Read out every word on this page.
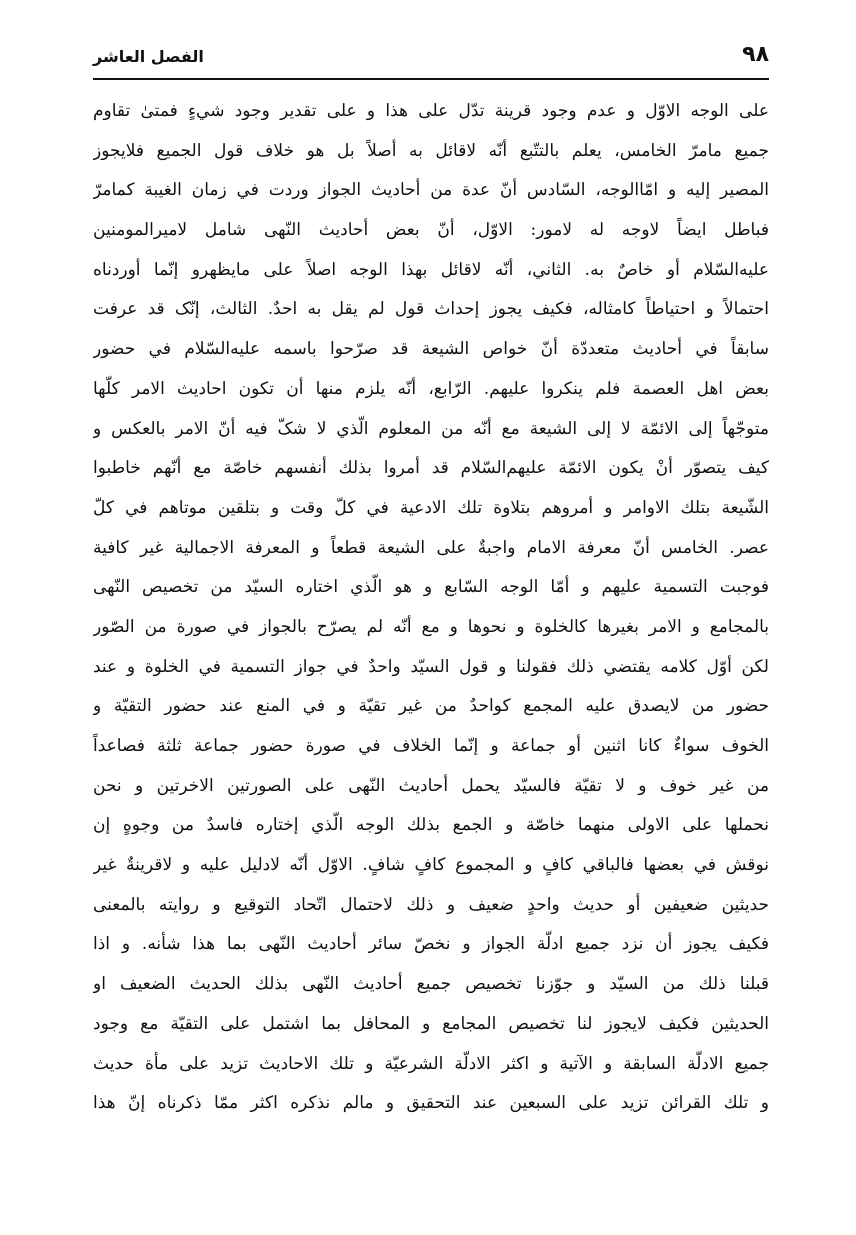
٩٨
الفصل العاشر
على الوجه الاوّل و عدم وجود قرينة تدّل على هذا و على تقدير وجود شيءٍ فمتیٰ تقاوم
جميع مامرّ الخامس، يعلم بالتتّبع أنّه لاقائل به أصلاً بل هو خلاف قول الجميع فلايجوز
المصير إليه و امّاالوجه، السّادس أنّ عدة من أحاديث الجواز وردت في زمان الغيبة كمامرّ
فباطل ايضاً لاوجه له لامور: الاوّل، أنّ بعض أحاديث النّهی شامل لاميرالمومنين
عليه‌السّلام أو خاصٌ به. الثاني، أنّه لاقائل بهذا الوجه اصلاً على مايظهرو إنّما أوردناه
احتمالاً و احتياطاً كامثاله، فكيف يجوز إحداث قول لم يقل به احدٌ. الثالث، إنّک قد عرفت
سابقاً في أحاديث متعددّة أنّ خواص الشيعة قد صرّحوا باسمه عليه‌السّلام في حضور
بعض اهل العصمة فلم ينكروا عليهم. الرّابع، أنّه يلزم منها أن تكون احاديث الامر كلّها
متوجّهاً إلى الائمّة لا إلى الشيعة مع أنّه من المعلوم الّذي لا شکّ فيه أنّ الامر بالعكس و
كيف يتصوّر أنْ يكون الائمّة عليهم‌السّلام قد أمروا بذلك أنفسهم خاصّة مع أنّهم خاطبوا
الشّيعة بتلك الاوامر و أمروهم بتلاوة تلك الادعية في كلّ وقت و بتلقين موتاهم في كلّ
عصر. الخامس أنّ معرفة الامام واجبةٌ على الشيعة قطعاً و المعرفة الاجمالية غير كافية
فوجبت التسمية عليهم و أمّا الوجه السّابع و هو الّذي اختاره السيّد من تخصيص النّهی
بالمجامع و الامر بغيرها كالخلوة و نحوها و مع أنّه لم يصرّح بالجواز في صورة من الصّور
لكن أوّل كلامه يقتضي ذلك فقولنا و قول السيّد واحدٌ في جواز التسمية في الخلوة و عند
حضور من لايصدق عليه المجمع كواحدٌ من غير تقيّة و في المنع عند حضور التقيّة و
الخوف سواءٌ كانا اثنين أو جماعة و إنّما الخلاف في صورة حضور جماعة ثلثة فصاعداً
من غير خوف و لا تقيّة فالسيّد يحمل أحاديث النّهی على الصورتين الاخرتين و نحن
نحملها على الاولى منهما خاصّة و الجمع بذلك الوجه الّذي إختاره فاسدٌ من وجوهٍ إن
نوقش في بعضها فالباقي كافٍ و المجموع كافٍ شافٍ. الاوّل أنّه لادليل عليه و لاقرينةٌ غير
حديثين ضعيفين أو حديث واحدٍ ضعيف و ذلك لاحتمال اتّحاد التوقيع و روايته بالمعنى
فكيف يجوز أن نزد جميع ادلّة الجواز و نخصّ سائر أحاديث النّهی بما هذا شأنه. و اذا
قبلنا ذلك من السيّد و جوّزنا تخصيص جميع أحاديث النّهی بذلك الحديث الضعيف او
الحديثين فكيف لايجوز لنا تخصيص المجامع و المحافل بما اشتمل على التقيّة مع وجود
جميع الادلّة السابقة و الآتية و اكثر الادلّة الشرعيّة و تلك الاحاديث تزيد على مأة حديث
و تلك القرائن تزيد على السبعين عند التحقيق و مالم نذكره اكثر ممّا ذكرناه إنّ هذا
